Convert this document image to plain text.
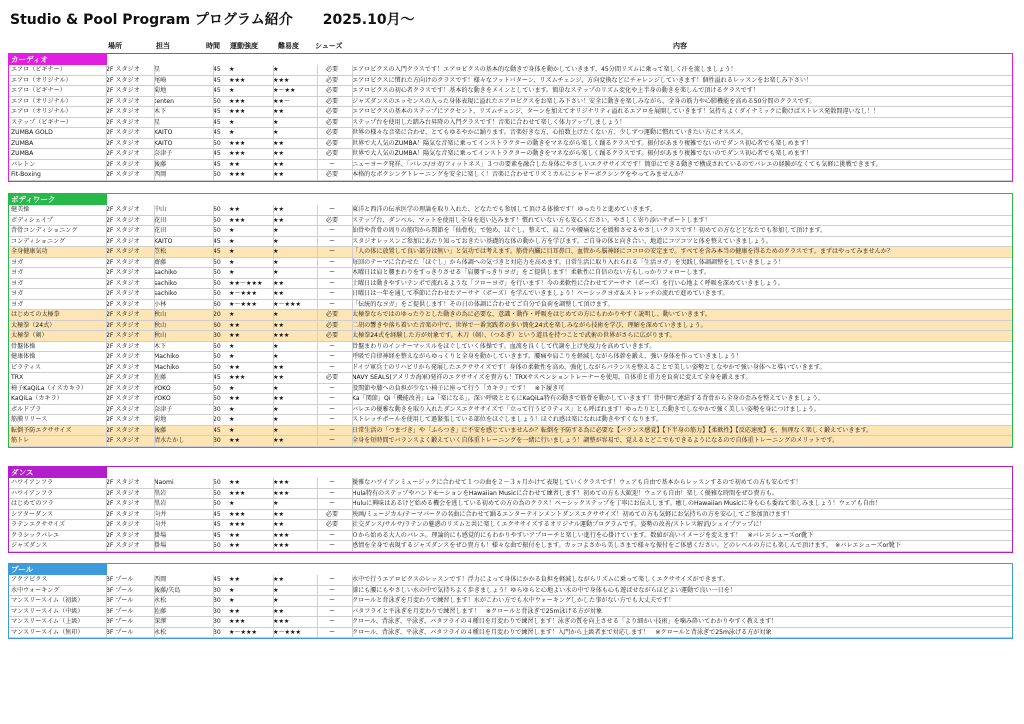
Studio & Pool Program プログラム紹介 2025.10月〜
場所	担当	時間 運動強度	難易度 シューズ	内容
カーディオ
エアロ（ビギナー）	2F スタジオ	星	45	★	★	必要	エアロビクスの入門クラスです！エアロビクスの基本的な動きで身体を動かしていきます。45分間リズムに乗って楽しく汗を流しましょう！
エアロ（オリジナル）	2F スタジオ	尾崎	45	★★★	★★★	必要	エアロビクスに慣れた方向けのクラスです！様々なフットパターン、リズムチェンジ、方向変換などにチャレンジしていきます！個性溢れるレッスンをお楽しみ下さい！
エアロ（ビギナー）	2F スタジオ	菊地	45	★	★〜★★	必要	エアロビクスの初心者クラスです！基本的な動きをメインとしています。簡単なステップのリズム変化や上半身の動きを楽しんで頂けるクラスです！
エアロ（オリジナル）	2F スタジオ	tenten	50	★★★	★★〜	必要	ジャズダンスのエッセンスの入った身体表現に溢れたエアロビクスをお楽しみ下さい！安全に動きを楽しみながら、全身の筋力や心肺機能を高める50分間のクラスです。
エアロ（オリジナル）	2F スタジオ	木下	45	★★★	★★	必要	エアロビクスの基本のステップにアクセント、リズムチェンジ、ターンを加えてオリジナリティ溢れるエアロを展開していきます！気持ちよくダイナミックに動けばストレス発散間違いなし！！
ステップ（ビギナー）	2F スタジオ	星	45	★	★	必要	ステップ台を使用した踏み台昇降の入門クラスです！音楽に合わせて楽しく体力アップしましょう！
ZUMBA GOLD	2F スタジオ	KAITO	45	★	★	必要	世界の様々な音楽に合わせ、とてもゆるやかに踊ります。音楽好きな方、心拍数上げたくない方、少しずつ運動に慣れていきたい方にオススメ。
ZUMBA	2F スタジオ	KAITO	50	★★★	★★	必要	世界で大人気のZUMBA！陽気な音楽に乗ってインストラクターの動きをマネながら楽しく踊るクラスです。振付があまり複雑でないのでダンス初心者でも楽しめます！
ZUMBA	2F スタジオ	奈津子	45	★★★	★★	必要	世界で大人気のZUMBA！陽気な音楽に乗ってインストラクターの動きをマネながら楽しく踊るクラスです。振付があまり複雑でないのでダンス初心者でも楽しめます！
バレトン	2F スタジオ	後藤	45	★★	★★	ー	ニューヨーク発祥、「バレエ/ヨガ/フィットネス」３つの要素を融合した身体にやさしいエクササイズです！簡単にできる動きで構成されているのでバレエの経験がなくても気軽に挑戦できます。
Fit-Boxing	2F スタジオ	西岡	50	★★★	★★	必要	本格的なボクシングトレーニングを安全に楽しく！音楽に合わせてリズミカルにシャドーボクシングをやってみませんか？
ボディワーク
健美操	2F スタジオ	中山	60	★★	★★	ー	東洋と西洋の伝承医学の理論を取り入れた、どなたでも参加して頂ける体操です！ゆったりと進めていきます。
ボディシェイプ	2F スタジオ	花田	50	★★★	★★	必要	ステップ台、ダンベル、マットを使用し全身を追い込みます！慣れていない方も安心ください。やさしく寄り添いサポートします！
背骨コンディショニング	2F スタジオ	花田	50	★	★	ー	仙骨や背骨の周りの筋肉から関節を「仙骨枕」で弛め、ほぐし、整えて、肩こりや腰痛などを緩和させるやさしいクラスです！初めての方などどなたでも参加して頂けます。
コンディショニング	2F スタジオ	KAITO	45	★	★	ー	スタジオレッスンご参加にあたり知っておきたい基礎的な体の動かし方を学びます。ご自身の体と向き合い、地道にコツコツと体を整えていきましょう。
全身健康気功	2F スタジオ	笠松	45	★	★	ー	「人の体に放置して良い部分は無い」と気功では考えます。筋骨内臓に目耳鼻口、血管から脳神経にココロの安定まで。すべてを含み本当の健康を得るためのクラスです。まずはやってみませんか？
ヨガ	2F スタジオ	齋藤	50	★	★	ー	毎回のテーマに合わせた「ほぐし」から体調への気づきと対応力を高めます。日常生活に取り入れられる「生活ヨガ」を実践し体調調整をしていきましょう！
ヨガ	2F スタジオ	sachiko	50	★	★	ー	木曜日は肩と腰まわりをすっきりさせる「肩腰すっきりヨガ」をご提供します！柔軟性に自信のない方もしっかりフォローします。
ヨガ	2F スタジオ	sachiko	50	★★〜★★★	★★	ー	土曜日は動きやすいテンポで流れるような「フローヨガ」を行います！今の柔軟性に合わせてアーサナ（ポーズ）を行い心地よく呼吸を深めていきましょう。
ヨガ	2F スタジオ	sachiko	50	★〜★★★	★★	ー	日曜日は一年を通して季節に合わせたアーサナ（ポーズ）を学んでいきましょう！ベーシックヨガ＆ストレッチの流れで進めていきます。
ヨガ	2F スタジオ	小林	60	★〜★★★	★〜★★★	ー	「伝統的なヨガ」をご提供します！その日の体調に合わせてご自分で負荷を調整して頂けます。
はじめての太極拳	2F スタジオ	秋山	20	★	★	必要	太極拳ならではのゆったりとした動きの為に必要な、意識・動作・呼吸をはじめての方にもわかりやすく説明し、動いていきます。
太極拳（24式）	2F スタジオ	秋山	60	★★	★★	必要	二胡の響きや落ち着いた音楽の中で、世界で一番実践者の多い簡化24式を楽しみながら技術を学び、理解を深めていきましょう。
太極拳（剣）	2F スタジオ	秋山	30	★★	★★★	必要	太極拳24式を経験した方が対象です。木刀（剣）、（つるぎ）という道具を持つことで武術の世界がさらに広がります。
骨盤体操	2F スタジオ	木下	50	★	★	ー	骨盤まわりのインナーマッスルをほぐしていく体操です。血流を良くして代謝を上げ免疫力を高めていきます。
健康体操	2F スタジオ	Machiko	50	★	★	ー	呼吸で自律神経を整えながらゆっくりと全身を動かしていきます。腰痛や肩こりを軽減しながら体幹を鍛え、強い身体を作っていきましょう！
ピラティス	2F スタジオ	Machiko	50	★★	★★	ー	ドイツ軍兵士のリハビリから発展したエクササイズです！身体の柔軟性を高め、強化しながらバランスを整えることで美しい姿勢としなやかで強い身体へと導いていきます。
TRX	2F スタジオ	佐藤	45	★★★	★★	必要	NAVY SEALS(アメリカ海軍)発祥のエクササイズを貴方も！TRXサスペンショントレーナーを使用。自体重と重力を負荷に変えて全身を鍛えます。
椅子KaQiLa（イスカキラ）	2F スタジオ	YOKO	50	★	★	ー	股関節や膝への負担が少ない椅子に座って行う「カキラ」です！　※下履き可
KaQiLa（カキラ）	2F スタジオ	YOKO	50	★★	★★	ー	Ka「関節」Qi「機能改善」La「楽になる」。深い呼吸とともにKaQiLa特有の動きで筋骨を動かしていきます！背中側で連結する背骨から全身の歪みを整えていきましょう。
ボルドブラ	2F スタジオ	奈津子	30	★	★	ー	バレエの優雅な動きを取り入れたダンスエクササイズで「立って行うピラティス」とも呼ばれます！ゆったりとした動きでしなやかで強く美しい姿勢を身につけましょう。
筋膜リリース	2F スタジオ	菊地	20	★	★	ー	ストレッチポールを使用して過緊張している部位をほぐしましょう！ほぐれ感は楽になれば動きやすくなります。
転倒予防エクササイズ	2F スタジオ	後藤	45	★	★	ー	日常生活の「つまづき」や「ふらつき」に不安を感じていませんか？転倒を予防する為に必要な【バランス感覚】【下半身の筋力】【柔軟性】【反応速度】を、無理なく楽しく鍛えていきます。
筋トレ	2F スタジオ	清水たかし	30	★★	★★	ー	全身を短時間でバランスよく鍛えていく自体重トレーニングを一緒に行いましょう！調整が容易で、覚えるとどこでもできるようになるので自体重トレーニングのメリットです。
ダンス
ハワイアンフラ	2F スタジオ	Naomi	50	★★	★★★	ー	優雅なハワイアンミュージックに合わせて１つの曲を２〜３ヵ月かけて表現していくクラスです！ウェアも自由で基本からレッスンするので初めての方も安心です！
ハワイアンフラ	2F スタジオ	黒岩	50	★★★	★★★	ー	Hula特有のステップやハンドモーションをHawaiian Musicに合わせて練習します！初めての方も大歓迎！ウェアも自由！楽しく優雅な時間をぜひ貴方も。
はじめてのフラ	2F スタジオ	黒岩	50	★	★	ー	Huluに興味はあるけど始める機会を逃している初めての方の為のクラス！ベーシックステップを丁寧にお伝えします。癒しのHawaiian Musicに身も心も委ねて楽しみましょう！ウェアも自由！
シアターダンス	2F スタジオ	向井	45	★★★	★★	必要	映画/ミュージカル/テーマパークの名曲に合わせて踊るエンターテインメントダンスエクササイズ！初めての方も気軽にお気持ちの方を安心してご参加頂けます！
ラテンエクササイズ	2F スタジオ	向井	45	★★★	★★	必要	社交ダンス/サルサ/ラテンの魅惑のリズムと共に楽しくエクササイズするオリジナル運動プログラムです。姿勢の改善/ストレス解消/シェイプアップに！
クラシックバレエ	2F スタジオ	掛場	45	★★	★★★	ー	０から始める大人のバレエ。理論的にも感覚的にもわかりやすいアプローチと楽しい進行を心掛けています。数値が高いイメージを変えます！　※バレエシューズor靴下
ジャズダンス	2F スタジオ	掛場	50	★★	★★★	ー	感情を全身で表現するジャズダンスをぜひ貴方も！様々な曲で振付をします。カッコよさから美しさまで様々な振付をご体感ください。どのレベルの方にも楽しんで頂けます。　※バレエシューズor靴下
プール
アクアビクス	3F プール	西岡	45	★★	★★	ー	水中で行うエアロビクスのレッスンです！浮力によって身体にかかる負担を軽減しながらリズムに乗って楽しくエクササイズができます。
水中ウォーキング	3F プール	後藤/矢島	30	★	★	ー	膝にも腰にもやさしい水の中で気持ちよく歩きましょう！ゆらゆらと心地よい水の中で身体も心も遊ばせながらほどよい運動で良い一日を！
マンスリースイム（初級）	3F プール	永松	30	★	★	ー	クロールと背泳ぎを月変わりで練習します！水がこわい方でも水中ウォーキングしかした事がない方でも大丈夫です！
マンスリースイム（中級）	3F プール	佐藤	30	★★	★★	ー	バタフライと平泳ぎを月変わりで練習します！　※クロールと背泳ぎで25m泳げる方が対象
マンスリースイム（上級）	3F プール	深澤	30	★★★	★★★	ー	クロール、背泳ぎ、平泳ぎ、バタフライの４種目を月変わりで練習します！泳ぎの質を向上させる「より細かい技術」を噛み砕いてわかりやすく教えます！
マンスリースイム（無印）	3F プール	永松	30	★〜★★★	★〜★★★	ー	クロール、背泳ぎ、平泳ぎ、バタフライの４種目を月変わりで練習します！入門から上級者まで対応します！　※クロールと背泳ぎで25m泳げる方が対象
